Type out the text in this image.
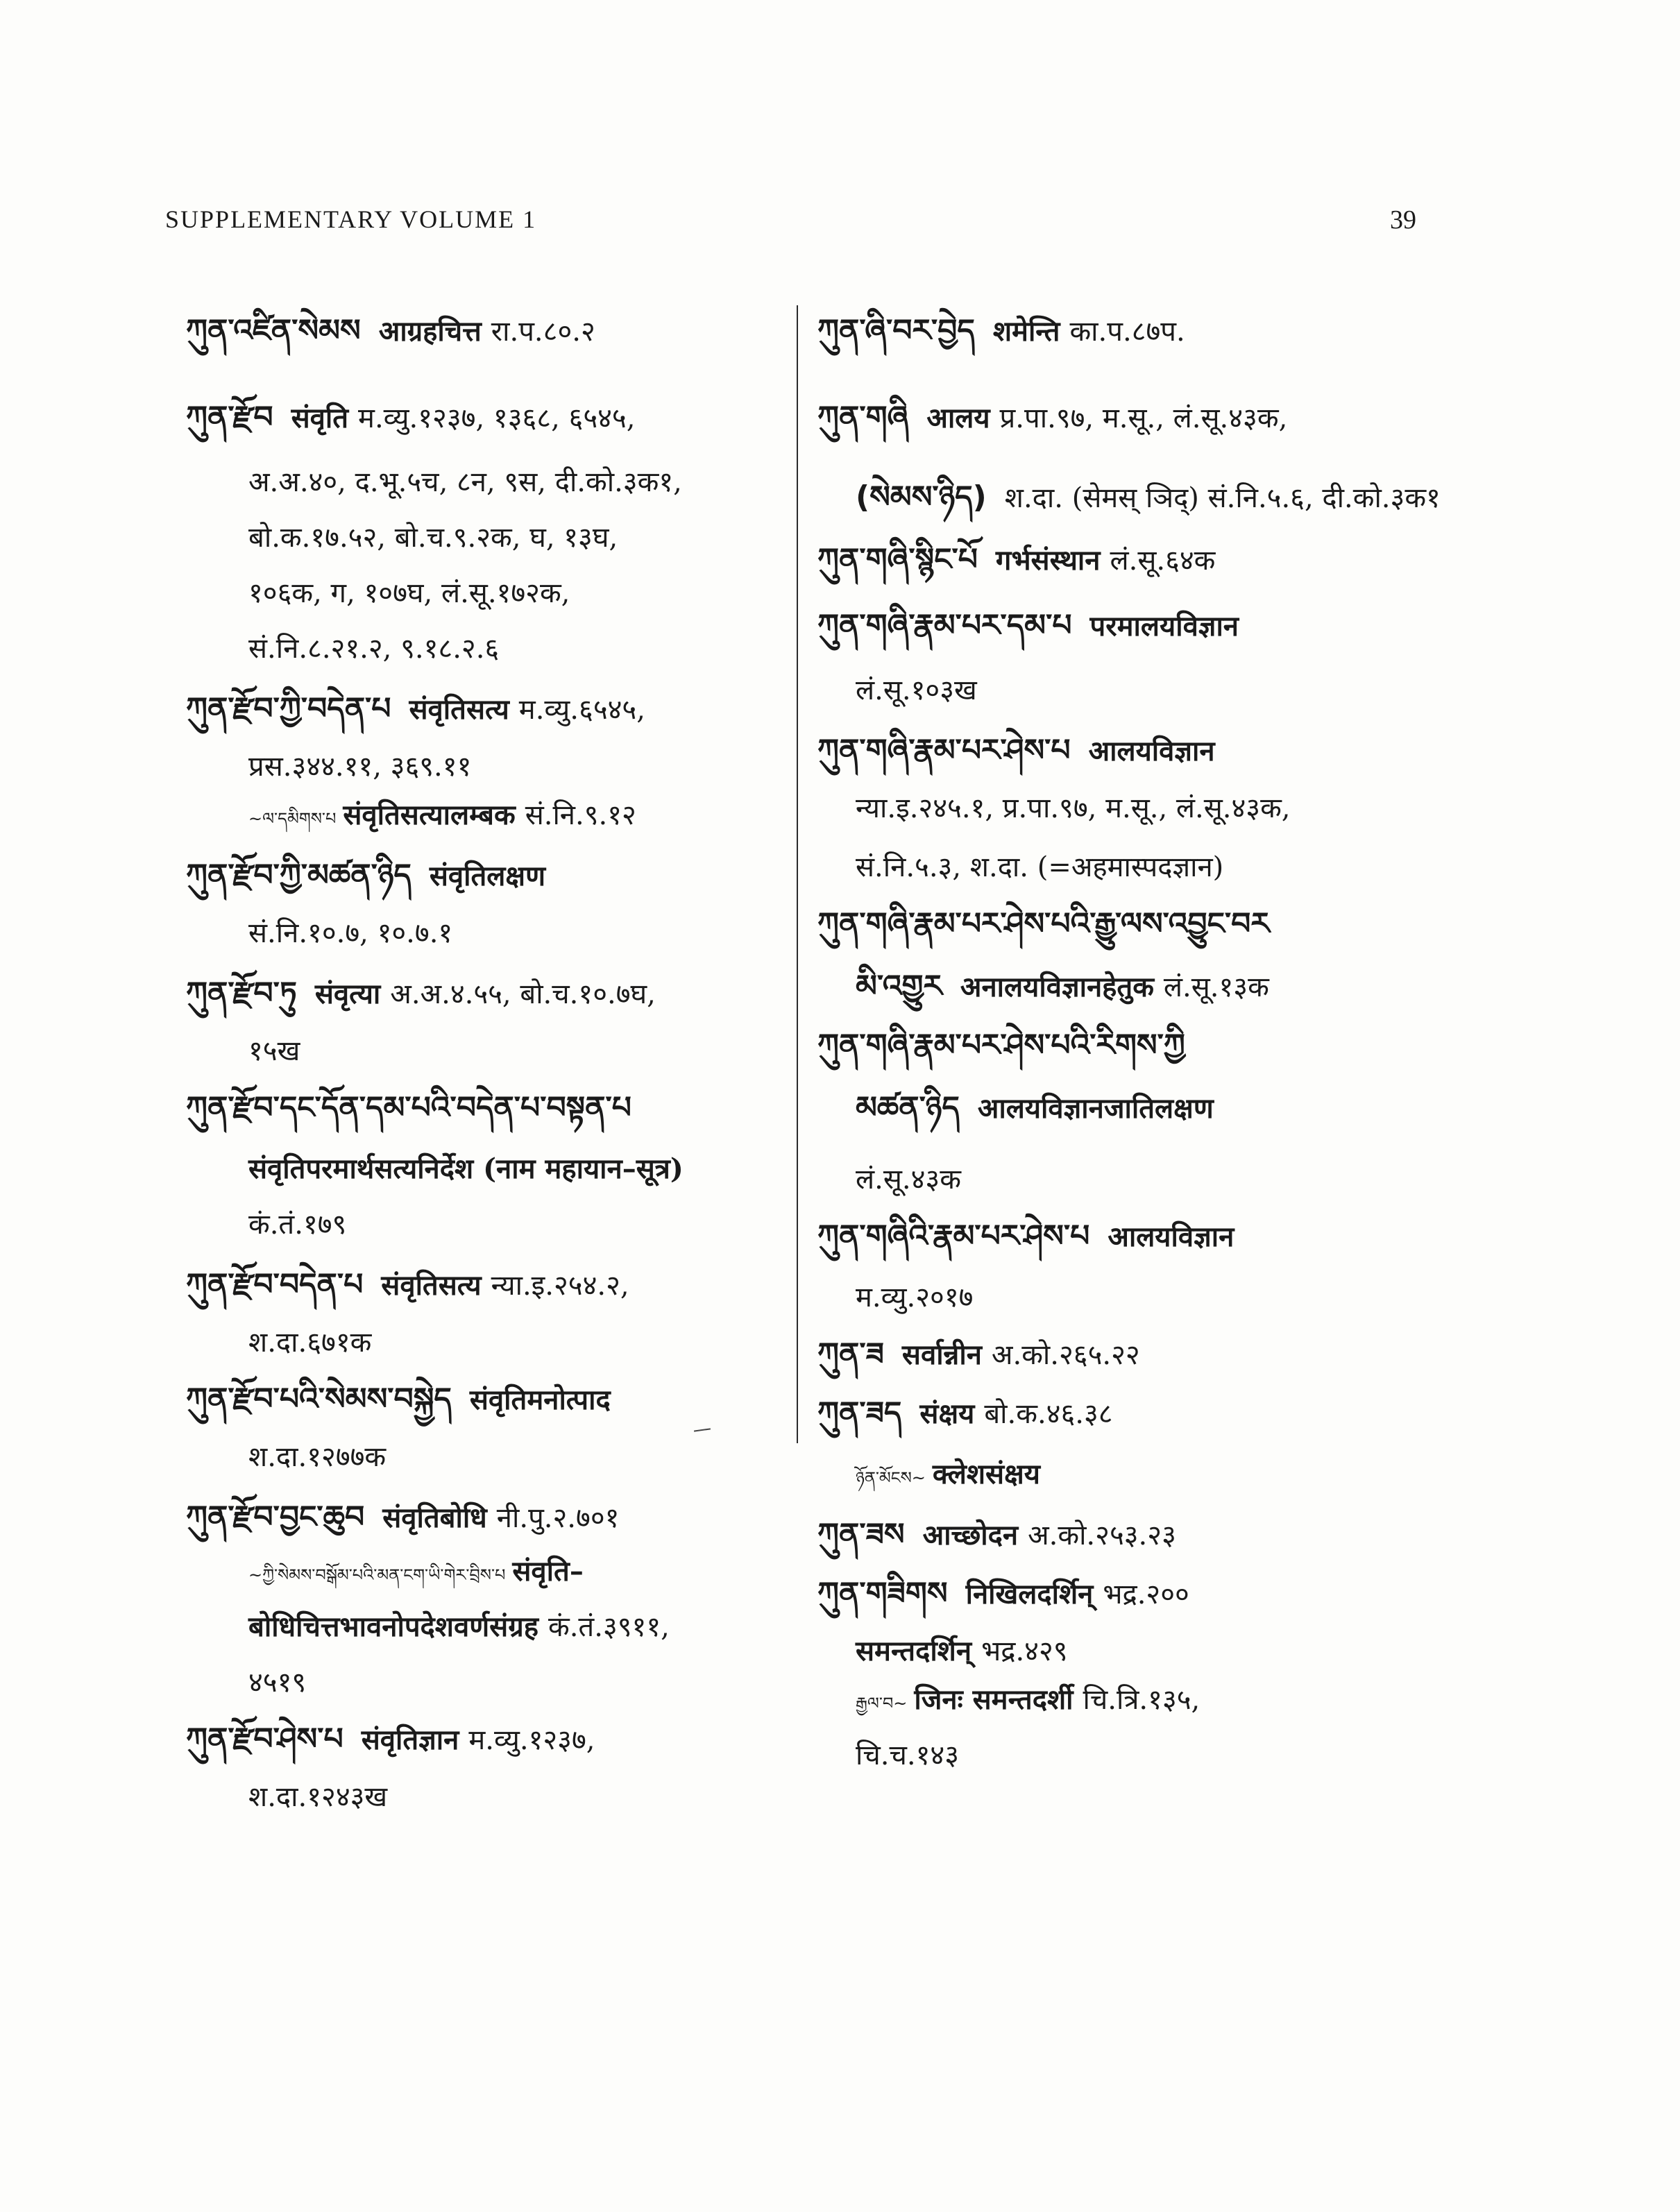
SUPPLEMENTARY VOLUME 1	39
ཀུན་འཛིན་སེམས आग्रहचित्त रा.प.८०.२
ཀུན་རྫོབ संवृति म.व्यु.१२३७, १३६८, ६५४५,
अ.अ.४०, द.भू.५च, ८न, ९स, दी.को.३क१,
बो.क.१७.५२, बो.च.९.२क, घ, १३घ,
१०६क, ग, १०७घ, लं.सू.१७२क,
सं.नि.८.२१.२, ९.१८.२.६
ཀུན་རྫོབ་ཀྱི་བདེན་པ संवृतिसत्य म.व्यु.६५४५,
प्रस.३४४.११, ३६९.११
~ལ་དམིགས་པ संवृतिसत्यालम्बक सं.नि.९.१२
ཀུན་རྫོབ་ཀྱི་མཚན་ཉིད संवृतिलक्षण
सं.नि.१०.७, १०.७.१
ཀུན་རྫོབ་ཏུ संवृत्या अ.अ.४.५५, बो.च.१०.७घ,
१५ख
ཀུན་རྫོབ་དང་དོན་དམ་པའི་བདེན་པ་བསྟན་པ
संवृतिपरमार्थसत्यनिर्देश (नाम महायान–सूत्र)
कं.तं.१७९
ཀུན་རྫོབ་བདེན་པ संवृतिसत्य न्या.इ.२५४.२,
श.दा.६७१क
ཀུན་རྫོབ་པའི་སེམས་བསྐྱེད संवृतिमनोत्पाद
श.दा.१२७७क
ཀུན་རྫོབ་བྱང་ཆུབ संवृतिबोधि नी.पु.२.७०१
~ཀྱི་སེམས་བསྒོམ་པའི་མན་ངག་ཡི་གེར་བྲིས་པ संवृति–
बोधिचित्तभावनोपदेशवर्णसंग्रह कं.तं.३९११,
४५१९
ཀུན་རྫོབ་ཤེས་པ संवृतिज्ञान म.व्यु.१२३७,
श.दा.१२४३ख
ཀུན་ཞི་བར་བྱེད शमेन्ति का.प.८७प.
ཀུན་གཞི आलय प्र.पा.९७, म.सू., लं.सू.४३क,
(སེམས་ཉིད) श.दा. (सेमस् ञिद्) सं.नि.५.६, दी.को.३क१
ཀུན་གཞི་སྙིང་པོ गर्भसंस्थान लं.सू.६४क
ཀུན་གཞི་རྣམ་པར་དམ་པ परमालयविज्ञान
लं.सू.१०३ख
ཀུན་གཞི་རྣམ་པར་ཤེས་པ आलयविज्ञान
न्या.इ.२४५.१, प्र.पा.९७, म.सू., लं.सू.४३क,
सं.नि.५.३, श.दा. (=अहमास्पदज्ञान)
ཀུན་གཞི་རྣམ་པར་ཤེས་པའི་རྒྱུ་ལས་འབྱུང་བར
མི་འགྱུར अनालयविज्ञानहेतुक लं.सू.१३क
ཀུན་གཞི་རྣམ་པར་ཤེས་པའི་རིགས་ཀྱི
མཚན་ཉིད आलयविज्ञानजातिलक्षण
लं.सू.४३क
ཀུན་གཞིའི་རྣམ་པར་ཤེས་པ आलयविज्ञान
म.व्यु.२०१७
ཀུན་ཟ सर्वान्नीन अ.को.२६५.२२
ཀུན་ཟད संक्षय बो.क.४६.३८
ཉོན་མོངས~ क्लेशसंक्षय
ཀུན་ཟས आच्छोदन अ.को.२५३.२३
ཀུན་གཟིགས निखिलदर्शिन् भद्र.२००
समन्तदर्शिन् भद्र.४२९
རྒྱལ་བ~ जिनः समन्तदर्शी चि.त्रि.१३५,
चि.च.१४३
